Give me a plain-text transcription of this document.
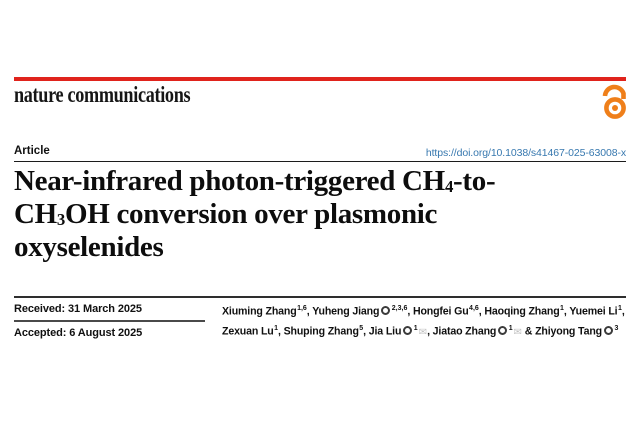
nature communications
Article	https://doi.org/10.1038/s41467-025-63008-x
Near-infrared photon-triggered $CH_4-to-$
$CH_3OH$ conversion over plasmonic
oxyselenides
Received: 31 March 2025
Accepted: 6 August 2025
Xiuming Zhang$^{1,6}$, Yuheng Jiang $^{2,3,6}$, Hongfei Gu$^{4,6}$, Haoqing Zhang$^1$, Yuemei Li$^1$,
Zexuan Lu$^1$, Shuping Zhang$^5$, Jia Liu $^1$✉, Jiatao Zhang $^1$✉ & Zhiyong Tang $^3$
